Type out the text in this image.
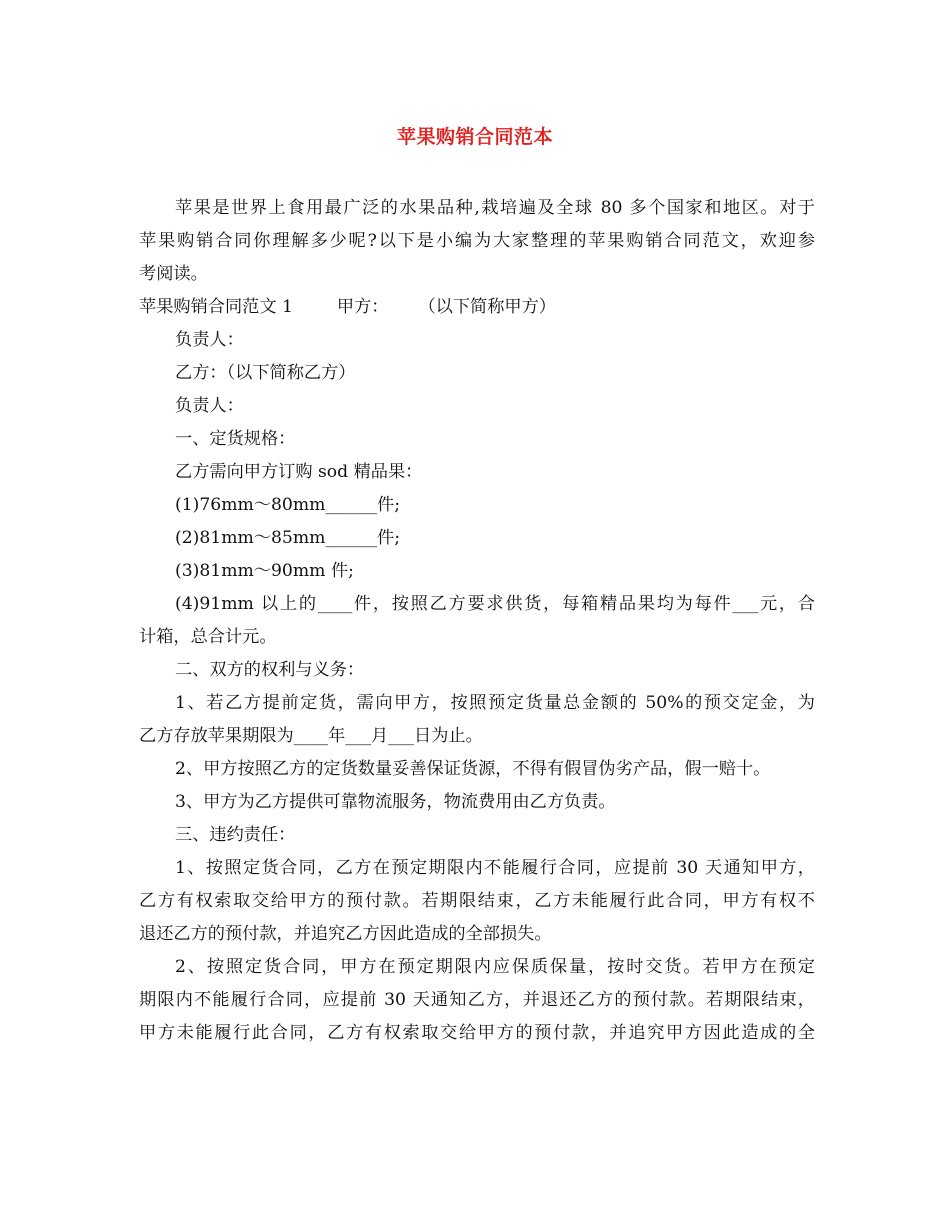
苹果购销合同范本
苹果是世界上食用最广泛的水果品种,栽培遍及全球 80 多个国家和地区。对于
苹果购销合同你理解多少呢?以下是小编为大家整理的苹果购销合同范文，欢迎参
考阅读。
苹果购销合同范文 1	甲方： （以下简称甲方）
负责人：
乙方：（以下简称乙方）
负责人：
一、定货规格：
乙方需向甲方订购 sod 精品果：
(1)76mm～80mm______件;
(2)81mm～85mm______件;
(3)81mm～90mm 件;
(4)91mm 以上的____件，按照乙方要求供货，每箱精品果均为每件___元，合
计箱，总合计元。
二、双方的权利与义务：
1、若乙方提前定货，需向甲方，按照预定货量总金额的 50%的预交定金，为
乙方存放苹果期限为____年___月___日为止。
2、甲方按照乙方的定货数量妥善保证货源，不得有假冒伪劣产品，假一赔十。
3、甲方为乙方提供可靠物流服务，物流费用由乙方负责。
三、违约责任：
1、按照定货合同，乙方在预定期限内不能履行合同，应提前 30 天通知甲方，
乙方有权索取交给甲方的预付款。若期限结束，乙方未能履行此合同，甲方有权不
退还乙方的预付款，并追究乙方因此造成的全部损失。
2、按照定货合同，甲方在预定期限内应保质保量，按时交货。若甲方在预定
期限内不能履行合同，应提前 30 天通知乙方，并退还乙方的预付款。若期限结束，
甲方未能履行此合同，乙方有权索取交给甲方的预付款，并追究甲方因此造成的全
